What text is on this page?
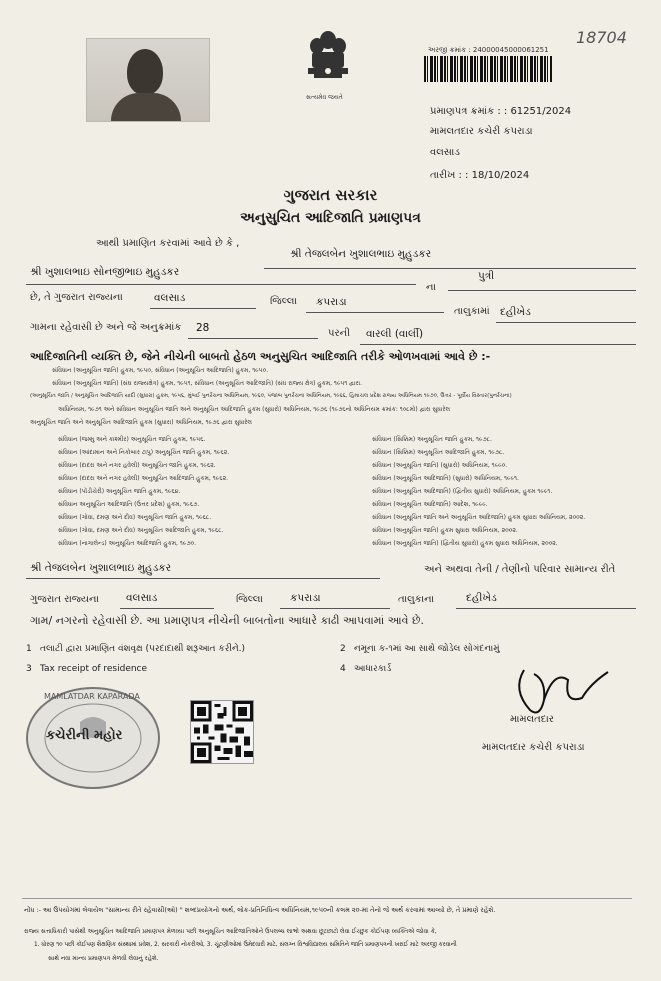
18704
સત્યમેવ જયતે
અરજી ક્રમાંક : 24000045000061251
પ્રમાણપત્ર ક્રમાંક : : 61251/2024
મામલતદાર કચેરી કપરાડા
વલસાડ
તારીખ : : 18/10/2024
ગુજરાત સરકાર
અનુસુચિત આદિજાતિ પ્રમાણપત્ર
આથી પ્રમાણિત કરવામાં આવે છે કે ,
શ્રી તેજલબેન ખુશાલભાઇ મુહુડકર
શ્રી ખુશાલભાઇ સોનજીભાઇ મુહુડકર
ના
પુત્રી
છે, તે ગુજરાત રાજ્યના	વલસાડ	જિલ્લા કપરાડા
તાલુકામાં દહીખેડ
ગામના રહેવાસી છે અને જે અનુક્રમાંક 28	પરની વારલી (વાર્લી)
આદિજાતિની વ્યક્તિ છે, જેને નીચેની બાબતો હેઠળ અનુસુચિત આદિજાતિ તરીકે ઓળખવામાં આવે છે :-
સંવિધાન (અનુસૂચિત જાતિ) હુકમ, ૧૯૫૦, સંવિધાન (અનુસૂચિત આદિજાતિ) હુકમ, ૧૯૫૦.
સંવિધાન (અનુસૂચિત જાતિ) (સંઘ રાજ્યક્ષેત્ર) હુકમ, ૧૯૫૧, સંવિધાન (અનુસૂચિત આદિજાતિ) (સંઘ રાજ્ય ક્ષેત્ર) હુકમ, ૧૯૫૧ દ્વારા.
(અનુસૂચિત જાતિ / અનુસૂચિત આદિજાતિ યાદી (સુધારા) હુકમ, ૧૯૫૬, મુંબઈ પુનર્રચના અધિનિયમ, ૧૯૬૦, પંજાબ પુનર્રચના અધિનિયમ, ૧૯૬૬, હિમાચલ પ્રદેશ રાજ્ય અધિનિયમ ૧૯૭૦, ઉત્તર - પૂર્વીય વિસ્તાર(પુનર્રચના)
અધિનિયમ, ૧૯૭૧ અને સંવિધાન અનુસૂચિત જાતિ અને અનુસૂચિત આદિજાતિ હુકમ (સુધારો) અધિનિયમ, ૧૯૭૬ (૧૯૭૬નો અધિનિયમ ક્રમાંક: ૧૦૮મો) દ્વારા સુધારેલ
અનુસૂચિત જાતિ અને અનુસૂચિત આદિજાતિ હુકમ (સુધારા) અધિનિયમ, ૧૯૭૬ દ્વારા સુધારેલ
સંવિધાન (જમ્મુ અને કાશ્મીર) અનુસૂચિત જાતિ હુકમ, ૧૯૫૬.
સંવિધાન (આંદામાન અને નિકોબાર ટાપુ) અનુસૂચિત જાતિ હુકમ, ૧૯૬૨.
સંવિધાન (દાદરા અને નગર હવેલી) અનુસૂચિત જાતિ હુકમ, ૧૯૬૨.
સંવિધાન (દાદરા અને નગર હવેલી) અનુસૂચિત આદિજાતિ હુકમ, ૧૯૬૨.
સંવિધાન (પોંડીચેરી) અનુસૂચિત જાતિ હુકમ, ૧૯૬૪.
સંવિધાન અનુસૂચિત આદિજાતિ (ઉત્તર પ્રદેશ) હુકમ, ૧૯૬૭.
સંવિધાન (ગોવા, દમણ અને દીવ) અનુસૂચિત જાતિ હુકમ, ૧૯૬૮.
સંવિધાન (ગોવા, દમણ અને દીવ) અનુસૂચિત આદિજાતિ હુકમ, ૧૯૬૮.
સંવિધાન (નાગાલેન્ડ) અનુસૂચિત આદિજાતિ હુકમ, ૧૯૭૦.
સંવિધાન (સિક્કિમ) અનુસૂચિત જાતિ હુકમ, ૧૯૭૮.
સંવિધાન (સિક્કિમ) અનુસૂચિત આદિજાતિ હુકમ, ૧૯૭૮.
સંવિધાન (અનુસૂચિત જાતિ) (સુધારો) અધિનિયમ, ૧૯૯૦.
સંવિધાન (અનુસૂચિત આદિજાતિ) (સુધારો) અધિનિયમ, ૧૯૯૧.
સંવિધાન (અનુસૂચિત આદિજાતિ) (દ્વિતીય સુધારો) અધિનિયમ, હુકમ ૧૯૯૧.
સંવિધાન (અનુસૂચિત આદિજાતિ) આદેશ, ૧૯૯૯.
સંવિધાન (અનુસૂચિત જાતિ અને અનુસૂચિત આદિજાતિ) હુકમ સુધારા અધિનિયમ, ૨૦૦૨.
સંવિધાન (અનુસૂચિત જાતિ) હુકમ સુધારા અધિનિયમ, ૨૦૦૨.
સંવિધાન (અનુસૂચિત જાતિ) (દ્વિતીય સુધારો) હુકમ સુધારા અધિનિયમ, ૨૦૦૨.
શ્રી તેજલબેન ખુશાલભાઇ મુહુડકર	અને અથવા તેની / તેણીનો પરિવાર સામાન્ય રીતે
ગુજરાત રાજ્યના	વલસાડ	જિલ્લા	કપરાડા	તાલુકાના	દહીખેડ
ગામ/ નગરનો રહેવાસી છે. આ પ્રમાણપત્ર નીચેની બાબતોના આધારે કાઢી આપવામાં આવે છે.
1 તલાટી દ્વારા પ્રમાણિત વંશવૃક્ષ (પરદાદાથી શરૂઆત કરીને.)	2 નમૂના ક-૧માં આ સાથે જોડેલ સોગંદનામું
3 Tax receipt of residence	4 આધારકાર્ડ
MAMLATDAR KAPARADA
કચેરીની મહોર
મામલતદાર
મામલતદાર કચેરી કપરાડા
નોંધ :- આ ઉપયોગમાં લેવાયેલ "સામાન્ય રીતે રહેવાસી(ઓ) " શબ્દપ્રયોગનો અર્થ, લોક-પ્રતિનિધિત્વ અધિનિયમ,૧૯૫૦ની કલમ ૨૦-માં તેનો જે અર્થ કરવામાં આવ્યો છે, તે પ્રમાણે રહેશે.
રાજ્ય સત્તાધિકારી પાસેથી અનુસૂચિત આદિજાતિ પ્રમાણપત્ર મેળવ્યા પછી અનુસૂચિત આદિજાતિઓને ઉપલબ્ધ લાભો અથવા છૂટછાટો લેવા ઈચ્છુક કોઈપણ વ્યક્તિએ જોવા કે,
1. ધોરણ ૧૦ પછી કોઈપણ શૈક્ષણિક સંસ્થામાં પ્રવેશ, 2. સરકારી નોકરીઓ, 3. ચૂંટણીઓમાં ઉમેદવારી માટે, સંલગ્ન વિશ્વવિદ્યાલય સમિતિને જાતિ પ્રમાણપત્રની ખરાઈ માટે અરજી કરવાની
સાથે નવા માન્ય પ્રમાણપત્ર મેળવી લેવાનું રહેશે.
